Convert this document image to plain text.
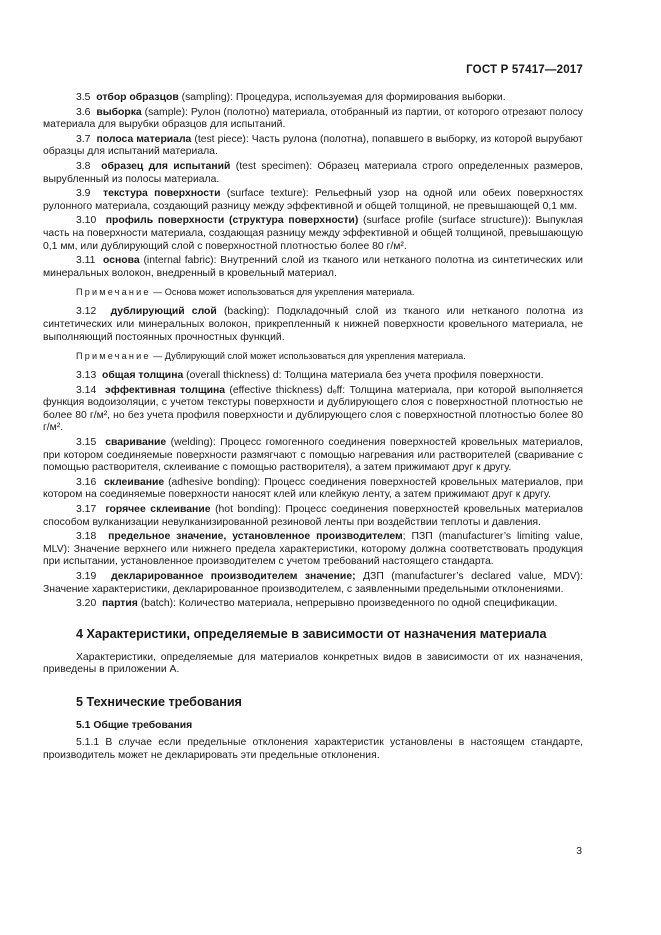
ГОСТ Р 57417—2017
3.5 отбор образцов (sampling): Процедура, используемая для формирования выборки.
3.6 выборка (sample): Рулон (полотно) материала, отобранный из партии, от которого отрезают полосу материала для вырубки образцов для испытаний.
3.7 полоса материала (test piece): Часть рулона (полотна), попавшего в выборку, из которой вырубают образцы для испытаний материала.
3.8 образец для испытаний (test specimen): Образец материала строго определенных размеров, вырубленный из полосы материала.
3.9 текстура поверхности (surface texture): Рельефный узор на одной или обеих поверхностях рулонного материала, создающий разницу между эффективной и общей толщиной, не превышающей 0,1 мм.
3.10 профиль поверхности (структура поверхности) (surface profile (surface structure)): Выпуклая часть на поверхности материала, создающая разницу между эффективной и общей толщиной, превышающую 0,1 мм, или дублирующий слой с поверхностной плотностью более 80 г/м².
3.11 основа (internal fabric): Внутренний слой из тканого или нетканого полотна из синтетических или минеральных волокон, внедренный в кровельный материал.
Примечание — Основа может использоваться для укрепления материала.
3.12 дублирующий слой (backing): Подкладочный слой из тканого или нетканого полотна из синтетических или минеральных волокон, прикрепленный к нижней поверхности кровельного материала, не выполняющий постоянных прочностных функций.
Примечание — Дублирующий слой может использоваться для укрепления материала.
3.13 общая толщина (overall thickness) d: Толщина материала без учета профиля поверхности.
3.14 эффективная толщина (effective thickness) dₑff: Толщина материала, при которой выполняется функция водоизоляции, с учетом текстуры поверхности и дублирующего слоя с поверхностной плотностью не более 80 г/м², но без учета профиля поверхности и дублирующего слоя с поверхностной плотностью более 80 г/м².
3.15 сваривание (welding): Процесс гомогенного соединения поверхностей кровельных материалов, при котором соединяемые поверхности размягчают с помощью нагревания или растворителей (сваривание с помощью растворителя, склеивание с помощью растворителя), а затем прижимают друг к другу.
3.16 склеивание (adhesive bonding): Процесс соединения поверхностей кровельных материалов, при котором на соединяемые поверхности наносят клей или клейкую ленту, а затем прижимают друг к другу.
3.17 горячее склеивание (hot bonding): Процесс соединения поверхностей кровельных материалов способом вулканизации невулканизированной резиновой ленты при воздействии теплоты и давления.
3.18 предельное значение, установленное производителем; ПЗП (manufacturer’s limiting value, MLV): Значение верхнего или нижнего предела характеристики, которому должна соответствовать продукция при испытании, установленное производителем с учетом требований настоящего стандарта.
3.19 декларированное производителем значение; ДЗП (manufacturer’s declared value, MDV): Значение характеристики, декларированное производителем, с заявленными предельными отклонениями.
3.20 партия (batch): Количество материала, непрерывно произведенного по одной спецификации.
4 Характеристики, определяемые в зависимости от назначения материала
Характеристики, определяемые для материалов конкретных видов в зависимости от их назначения, приведены в приложении А.
5 Технические требования
5.1 Общие требования
5.1.1 В случае если предельные отклонения характеристик установлены в настоящем стандарте, производитель может не декларировать эти предельные отклонения.
3
